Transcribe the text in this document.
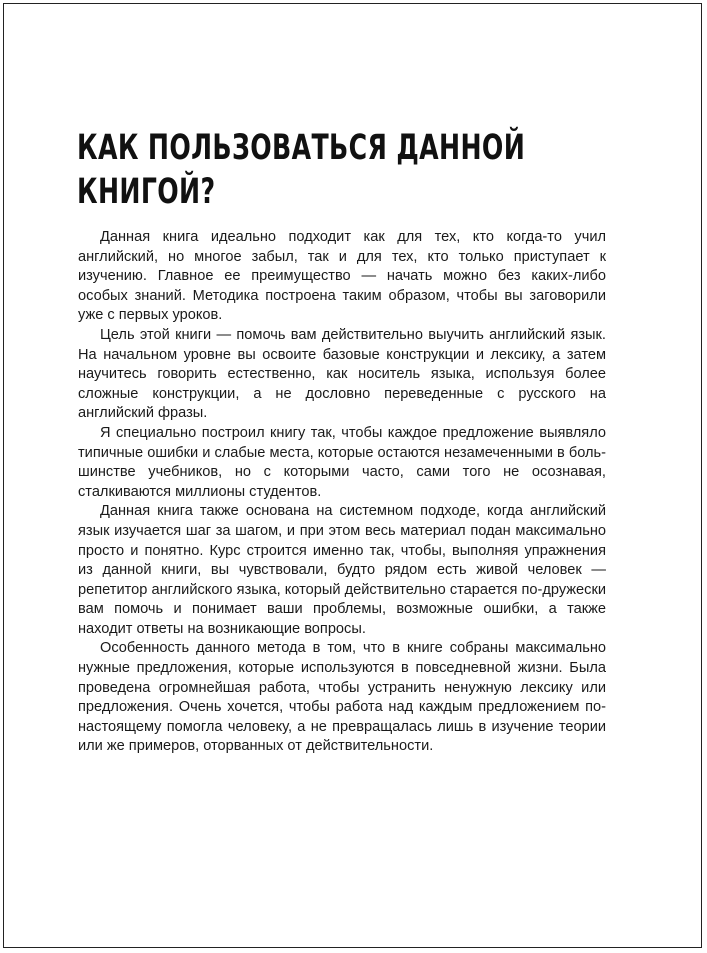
КАК ПОЛЬЗОВАТЬСЯ ДАННОЙ
КНИГОЙ?

Данная книга идеально подходит как для тех, кто когда-то учил английский, но многое забыл, так и для тех, кто только приступает к изучению. Главное ее преимущество — начать можно без каких-либо особых знаний. Методика построена таким образом, чтобы вы заговорили уже с первых уроков.

Цель этой книги — помочь вам действительно выучить английский язык. На начальном уровне вы освоите базовые конструкции и лексику, а затем научитесь говорить естественно, как носитель языка, используя более сложные конструкции, а не дословно переведенные с русского на английский фразы.

Я специально построил книгу так, чтобы каждое предложение выявляло типичные ошибки и слабые места, которые остаются незамеченными в большинстве учебников, но с которыми часто, сами того не осознавая, сталкиваются миллионы студентов.

Данная книга также основана на системном подходе, когда английский язык изучается шаг за шагом, и при этом весь материал подан максимально просто и понятно. Курс строится именно так, чтобы, выполняя упражнения из данной книги, вы чувствовали, будто рядом есть живой человек — репетитор английского языка, который действительно старается по-дружески вам помочь и понимает ваши проблемы, возможные ошибки, а также находит ответы на возникающие вопросы.

Особенность данного метода в том, что в книге собраны максимально нужные предложения, которые используются в повседневной жизни. Была проведена огромнейшая работа, чтобы устранить ненужную лексику или предложения. Очень хочется, чтобы работа над каждым предложением по-настоящему помогла человеку, а не превращалась лишь в изучение теории или же примеров, оторванных от действительности.
